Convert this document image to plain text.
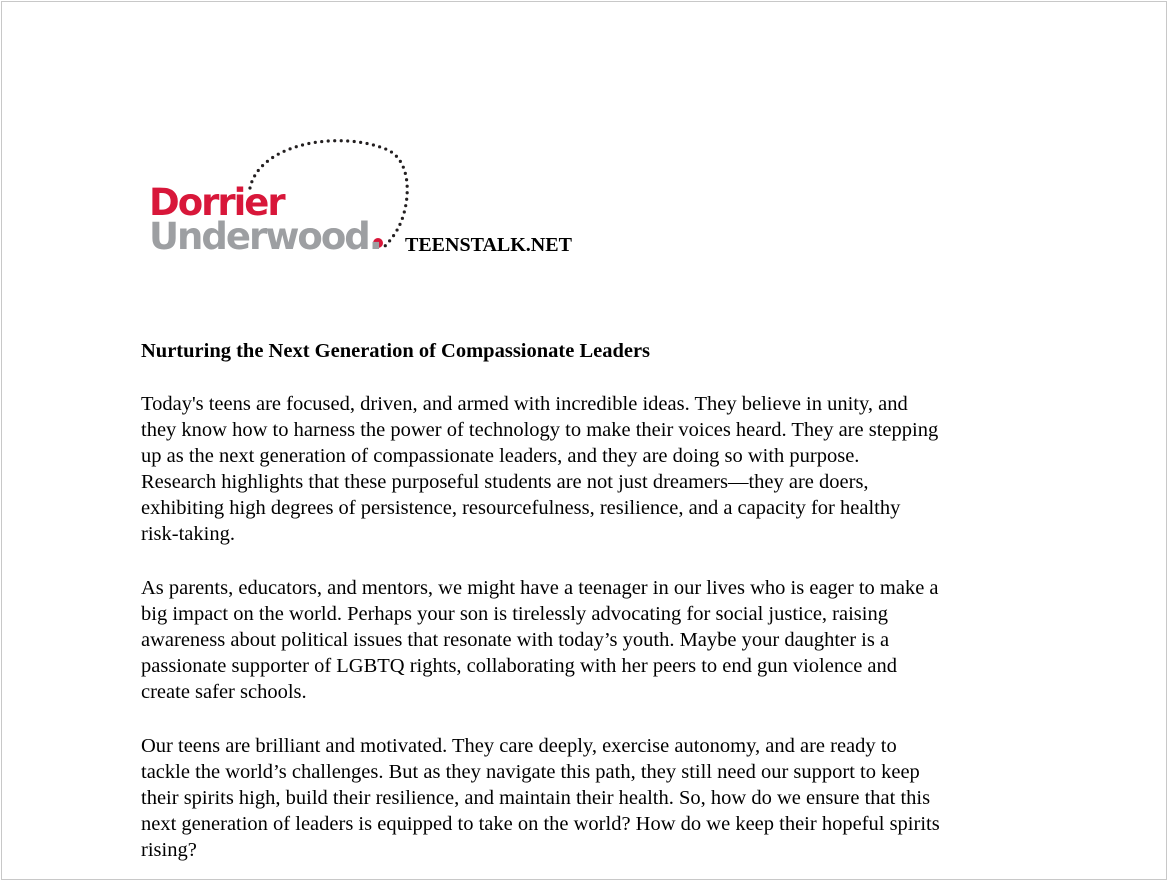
Dorrier
Underwood. TEENSTALK.NET
Nurturing the Next Generation of Compassionate Leaders

Today's teens are focused, driven, and armed with incredible ideas. They believe in unity, and
they know how to harness the power of technology to make their voices heard. They are stepping
up as the next generation of compassionate leaders, and they are doing so with purpose.
Research highlights that these purposeful students are not just dreamers—they are doers,
exhibiting high degrees of persistence, resourcefulness, resilience, and a capacity for healthy
risk-taking.

As parents, educators, and mentors, we might have a teenager in our lives who is eager to make a
big impact on the world. Perhaps your son is tirelessly advocating for social justice, raising
awareness about political issues that resonate with today’s youth. Maybe your daughter is a
passionate supporter of LGBTQ rights, collaborating with her peers to end gun violence and
create safer schools.

Our teens are brilliant and motivated. They care deeply, exercise autonomy, and are ready to
tackle the world’s challenges. But as they navigate this path, they still need our support to keep
their spirits high, build their resilience, and maintain their health. So, how do we ensure that this
next generation of leaders is equipped to take on the world? How do we keep their hopeful spirits
rising?
